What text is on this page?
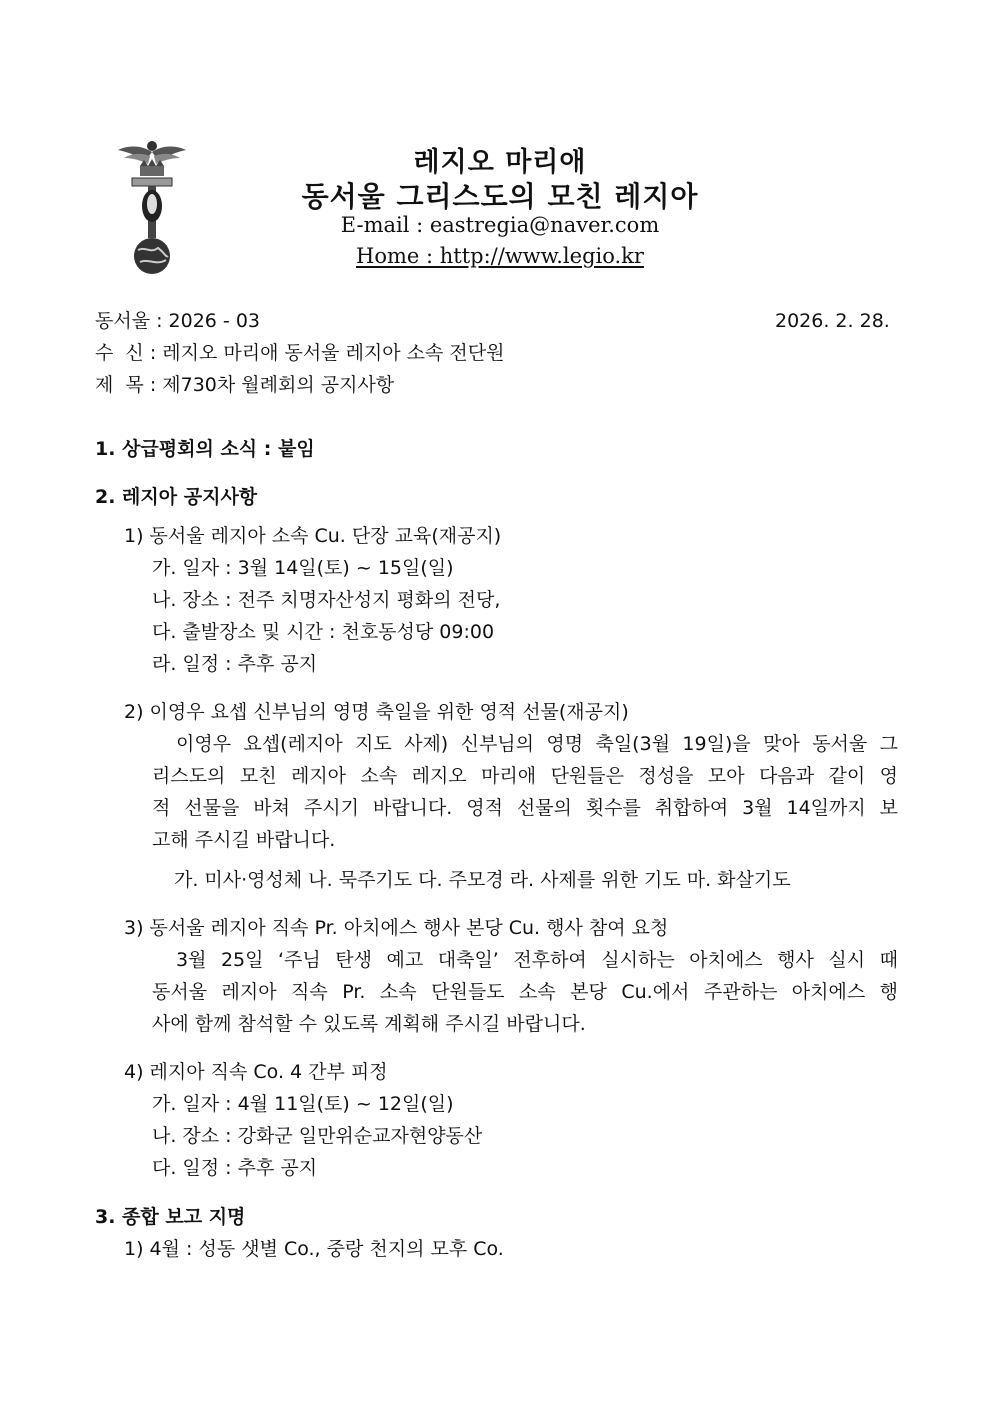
레지오 마리애
동서울 그리스도의 모친 레지아
E-mail : eastregia@naver.com
Home : http://www.legio.kr
동서울 : 2026 - 03	2026. 2. 28.
수  신 : 레지오 마리애 동서울 레지아 소속 전단원
제  목 : 제730차 월례회의 공지사항
1. 상급평회의 소식 : 붙임
2. 레지아 공지사항
1) 동서울 레지아 소속 Cu. 단장 교육(재공지)
가. 일자 : 3월 14일(토) ~ 15일(일)
나. 장소 : 전주 치명자산성지 평화의 전당,
다. 출발장소 및 시간 : 천호동성당 09:00
라. 일정 : 추후 공지
2) 이영우 요셉 신부님의 영명 축일을 위한 영적 선물(재공지)
이영우 요셉(레지아 지도 사제) 신부님의 영명 축일(3월 19일)을 맞아 동서울 그
리스도의 모친 레지아 소속 레지오 마리애 단원들은 정성을 모아 다음과 같이 영
적 선물을 바쳐 주시기 바랍니다. 영적 선물의 횟수를 취합하여 3월 14일까지 보
고해 주시길 바랍니다.
가. 미사·영성체 나. 묵주기도 다. 주모경 라. 사제를 위한 기도 마. 화살기도
3) 동서울 레지아 직속 Pr. 아치에스 행사 본당 Cu. 행사 참여 요청
3월 25일 ‘주님 탄생 예고 대축일’ 전후하여 실시하는 아치에스 행사 실시 때
동서울 레지아 직속 Pr. 소속 단원들도 소속 본당 Cu.에서 주관하는 아치에스 행
사에 함께 참석할 수 있도록 계획해 주시길 바랍니다.
4) 레지아 직속 Co. 4 간부 피정
가. 일자 : 4월 11일(토) ~ 12일(일)
나. 장소 : 강화군 일만위순교자현양동산
다. 일정 : 추후 공지
3. 종합 보고 지명
1) 4월 : 성동 샛별 Co., 중랑 천지의 모후 Co.
